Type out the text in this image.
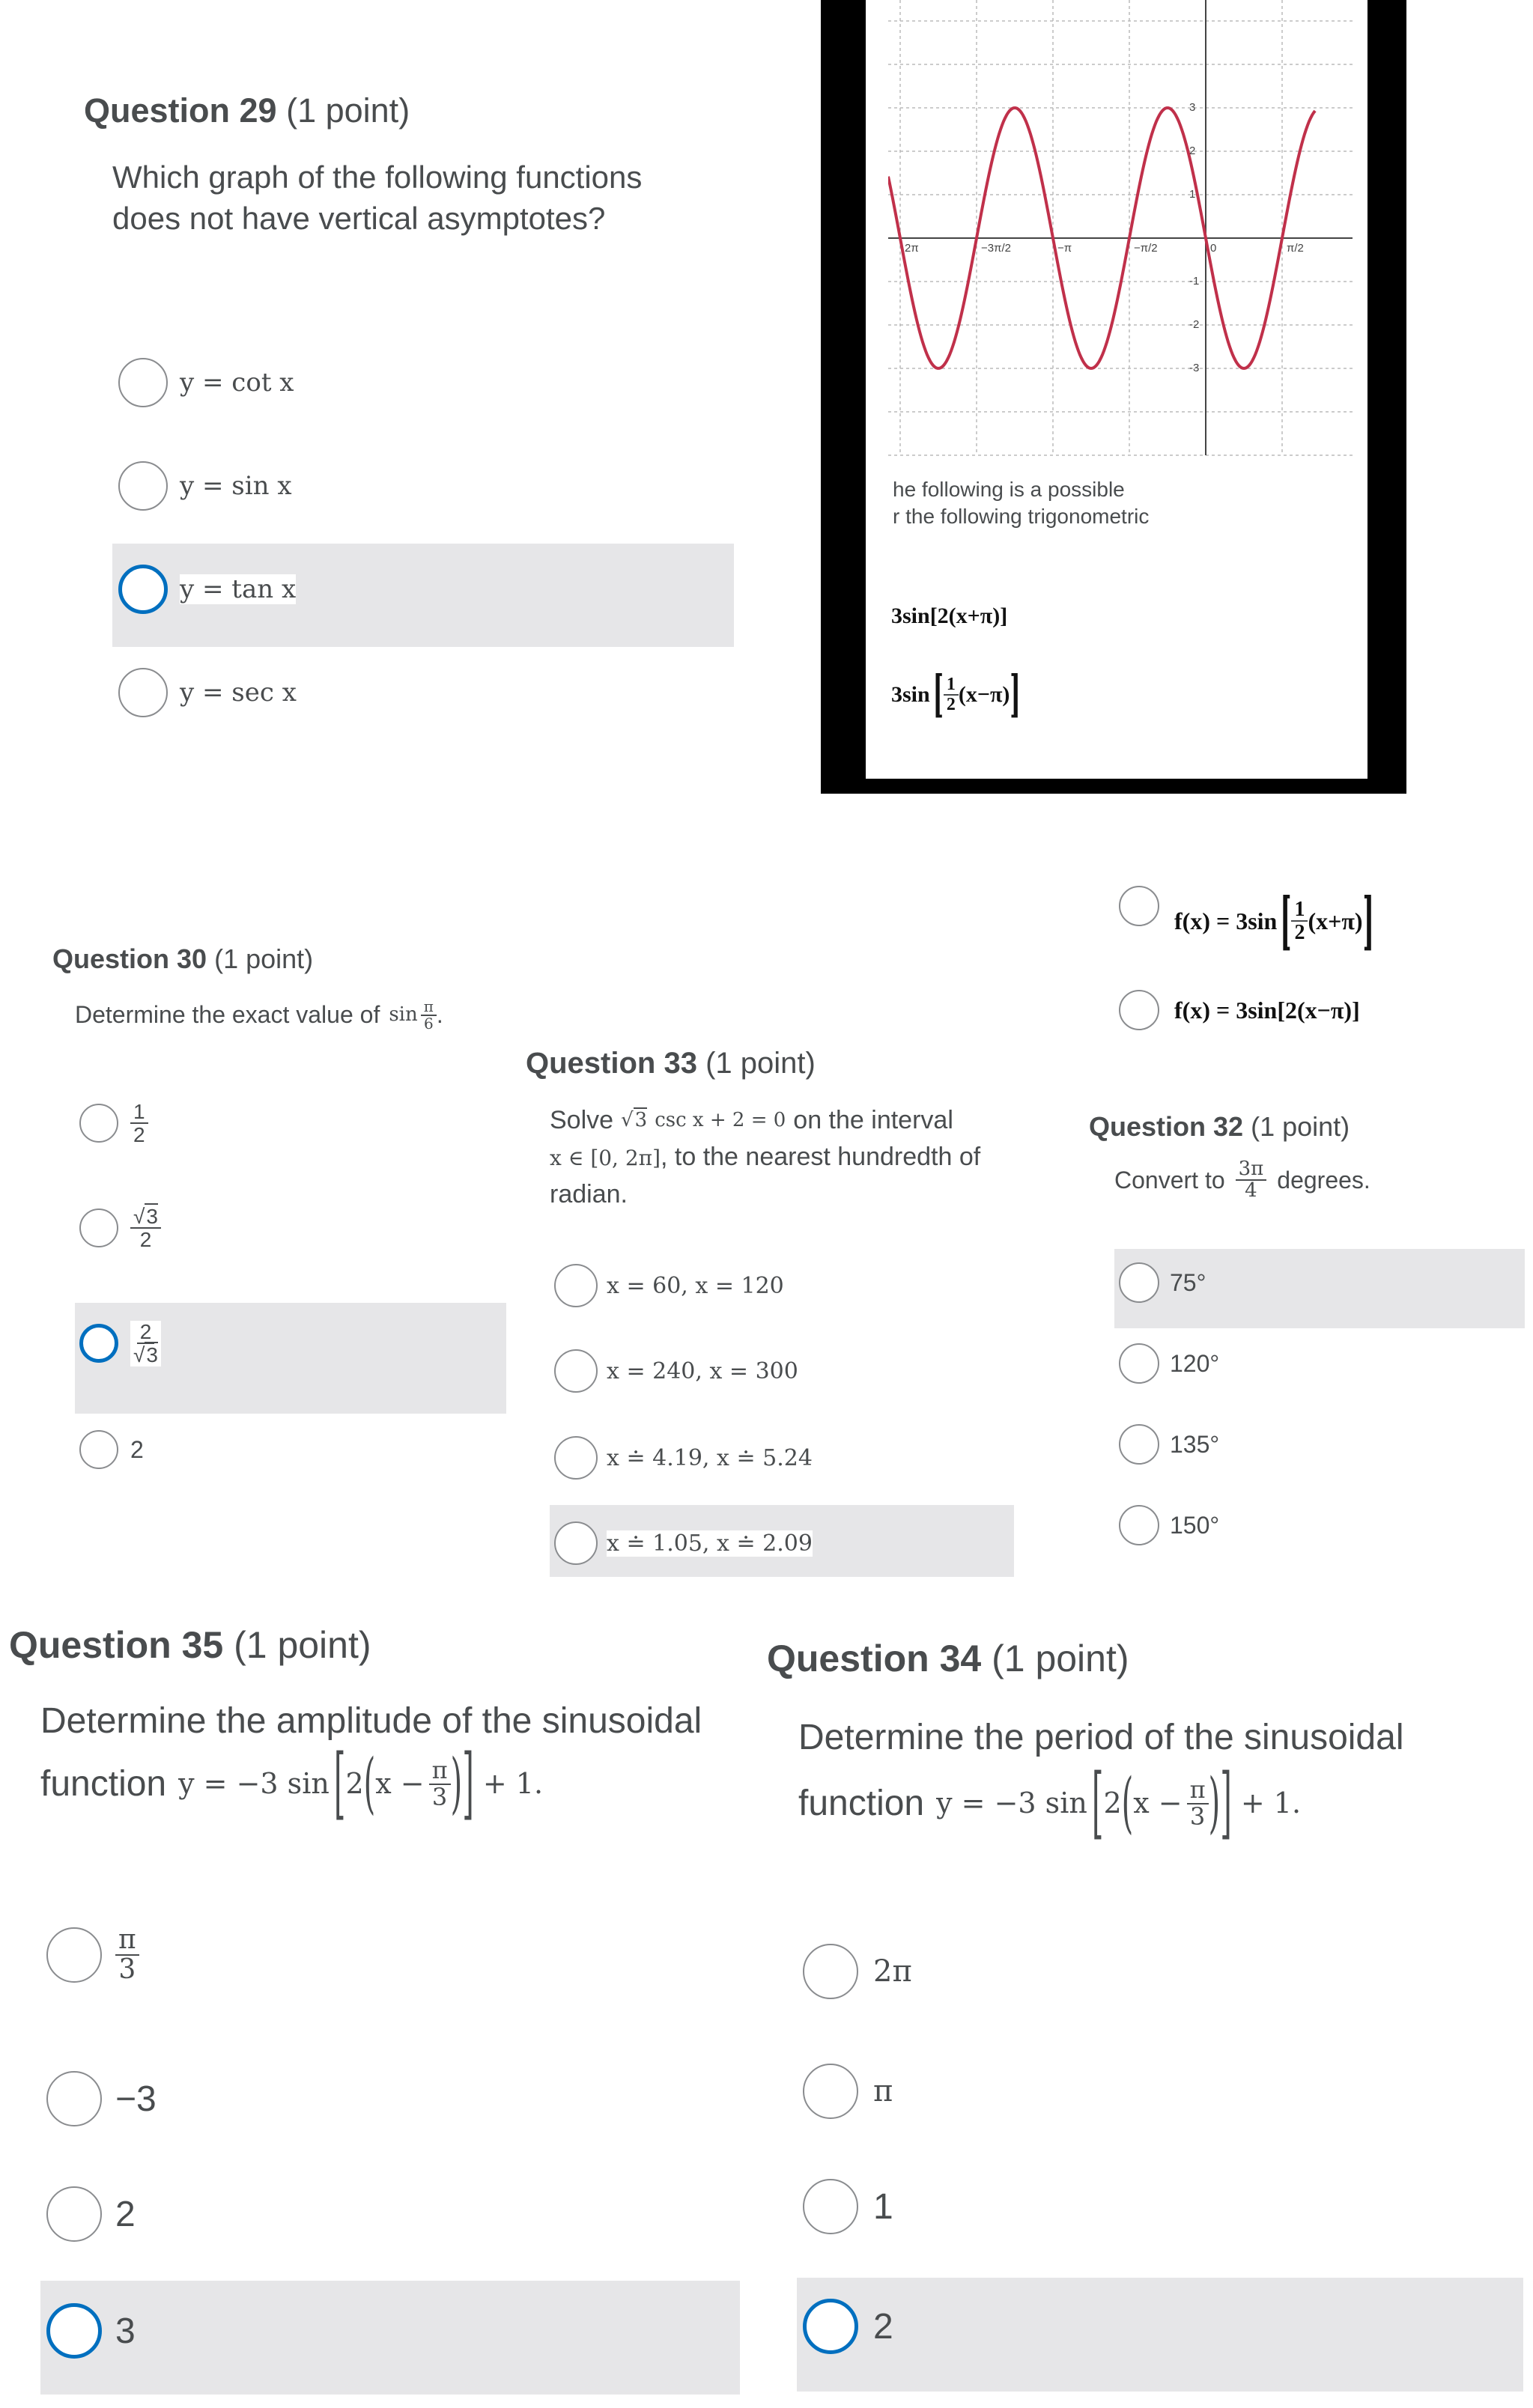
Question 29 (1 point)
Which graph of the following functions
does not have vertical asymptotes?
y = cot x
y = sin x
y = tan x
y = sec x
2π	−3π/2	−π	−π/2	0	π/2
3
2
1
-1
-2
-3
he following is a possible
r the following trigonometric
3sin[2(x+π)]
3sin [ $\frac{1}{2} (x-\pi)$ ]
f(x) = 3sin [ $\frac{1}{2} (x+\pi)$ ]
f(x) = 3sin[2(x−π)]
Question 30 (1 point)
Determine the exact value of $\sin \frac{\pi}{6}$ .
$\frac{1}{2}$
$\frac{√3}{2}$
$\frac{2}{√3}$
2
Question 33 (1 point)
Solve √3 csc x + 2 = 0 on the interval
x ∈ [0, 2π], to the nearest hundredth of
radian.
x = 60, x = 120
x = 240, x = 300
x ≐ 4.19, x ≐ 5.24
x ≐ 1.05, x ≐ 2.09
Question 32 (1 point)
Convert to $\frac{3\pi}{4}$ degrees.
75°
120°
135°
150°
Question 35 (1 point)
Determine the amplitude of the sinusoidal
function y = −3 sin [ 2 ( $x - \frac{\pi}{3}$ ) ] + 1.
$\frac{\pi}{3}$
−3
2
3
Question 34 (1 point)
Determine the period of the sinusoidal
function y = −3 sin [ 2 ( $x - \frac{\pi}{3}$ ) ] + 1.
2π
π
1
2
